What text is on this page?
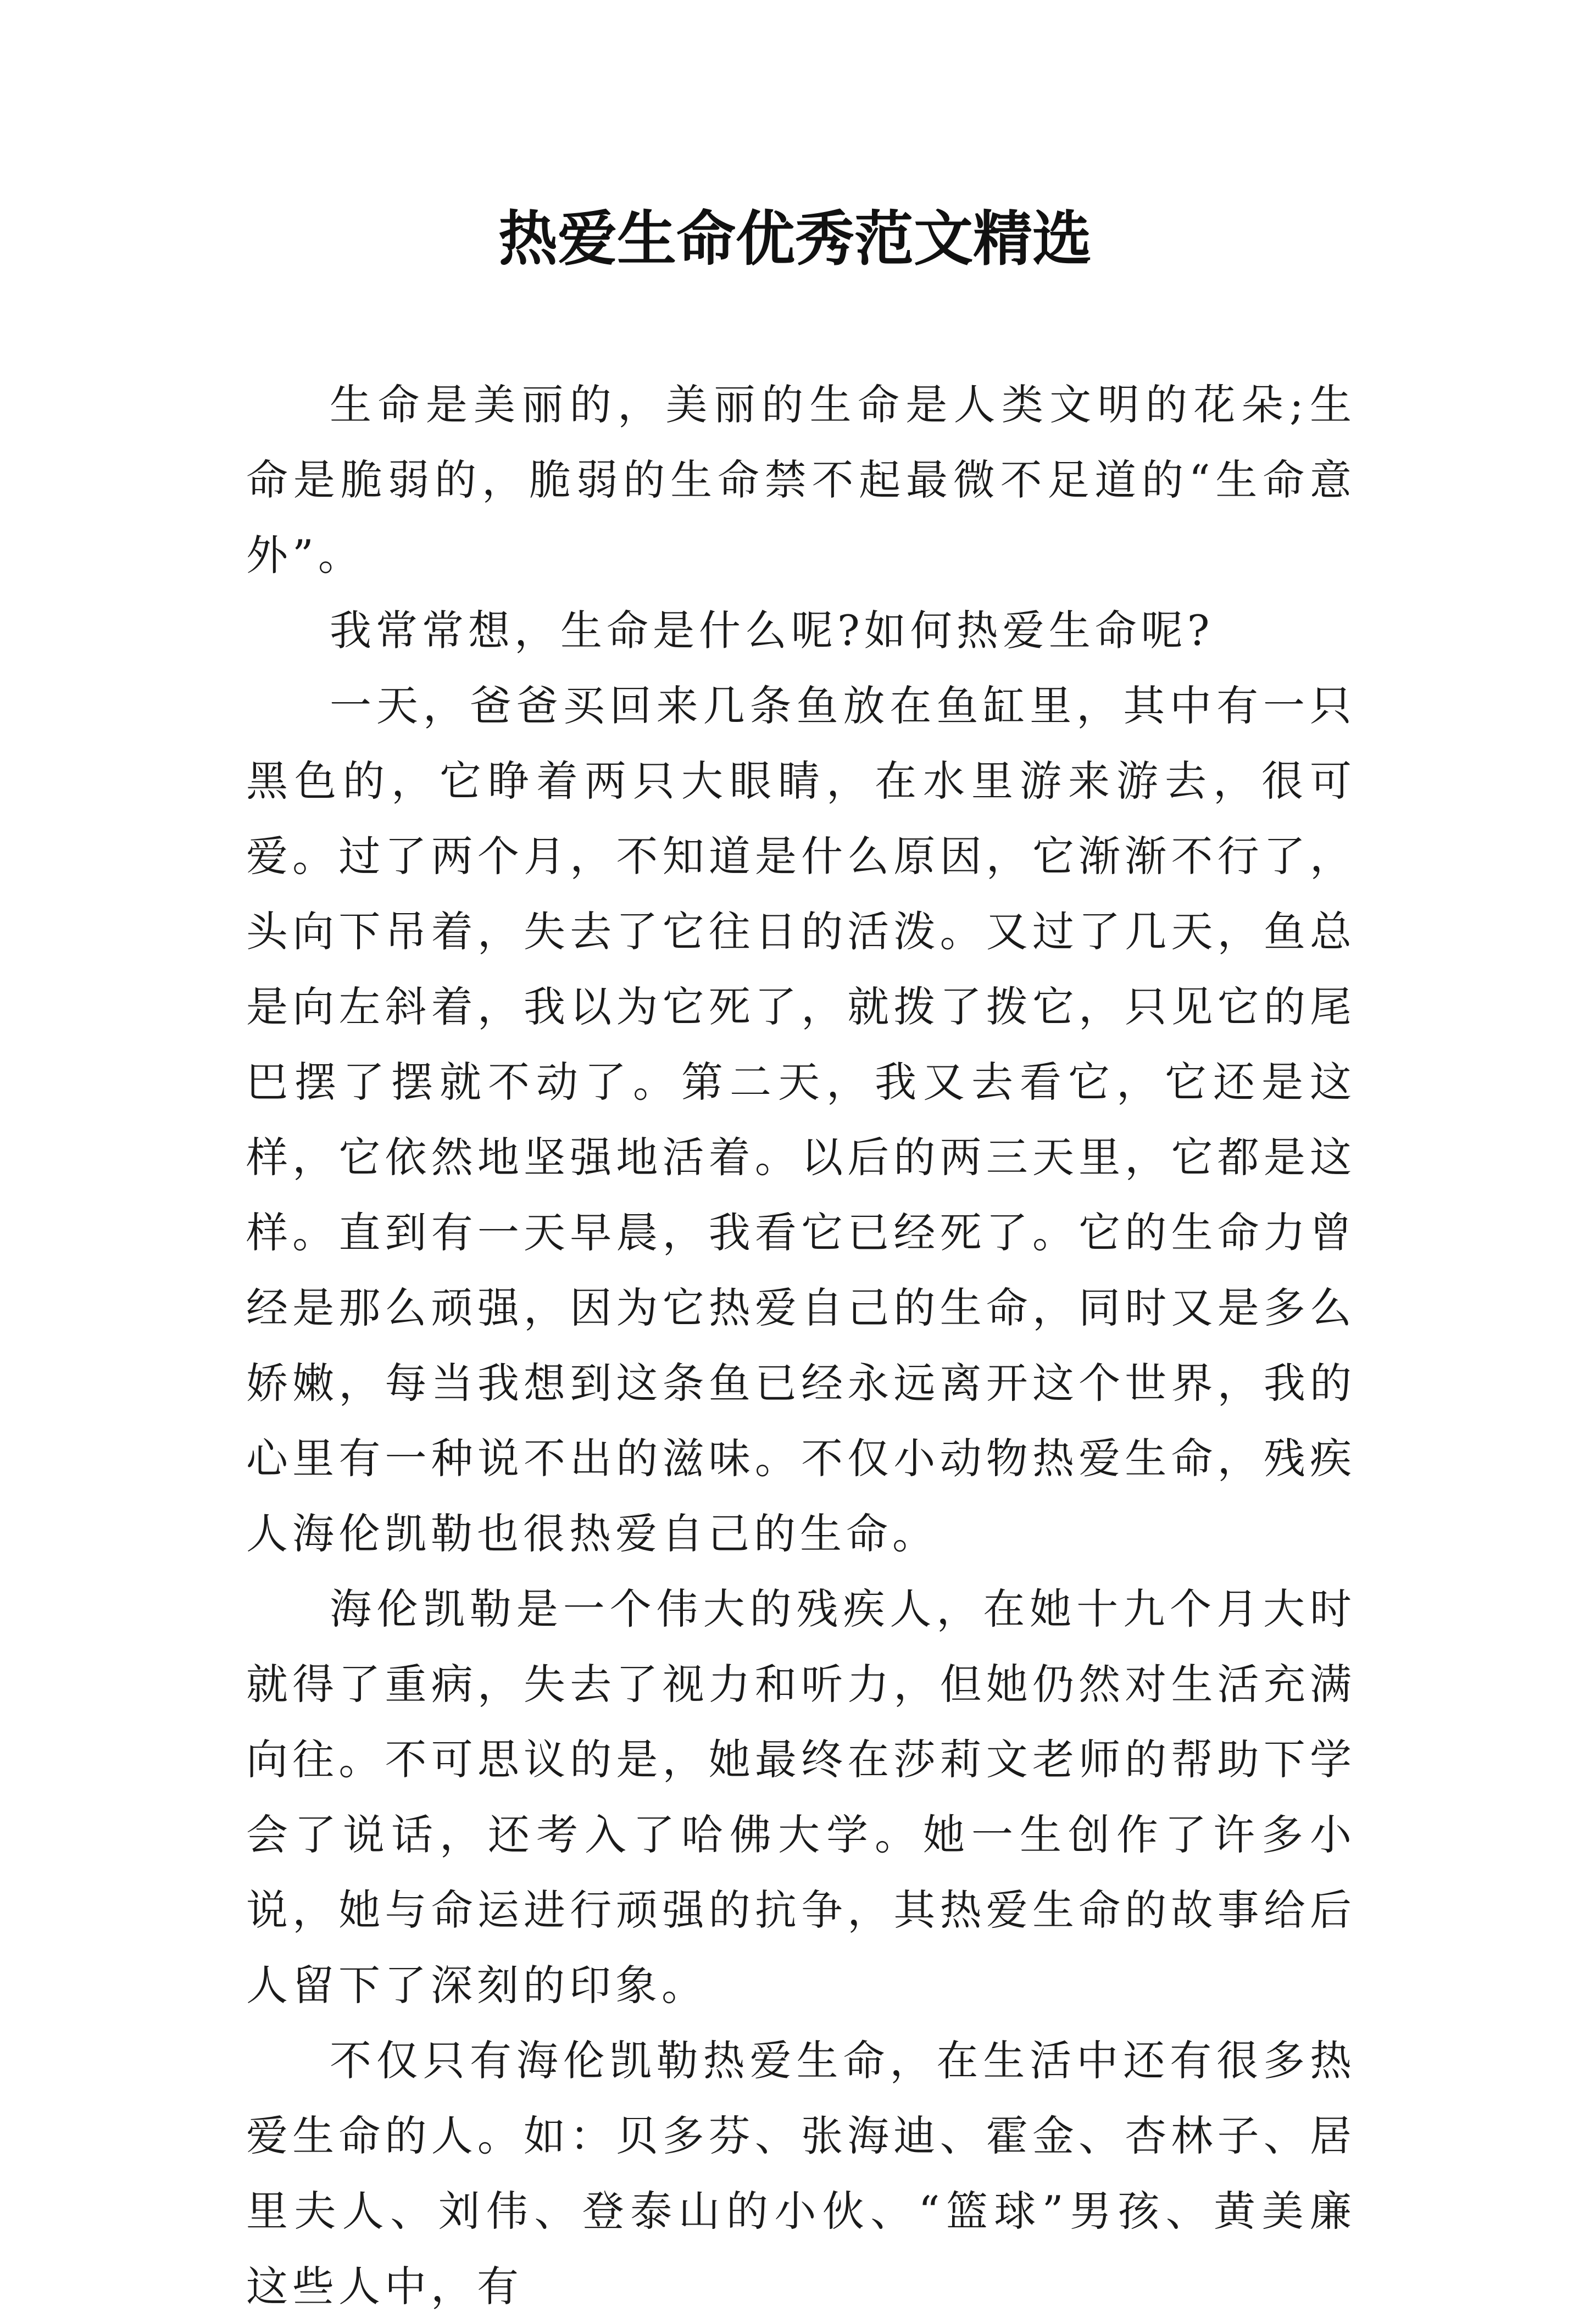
热爱生命优秀范文精选

生命是美丽的，美丽的生命是人类文明的花朵;生命是脆弱的，脆弱的生命禁不起最微不足道的“生命意外”。

我常常想，生命是什么呢?如何热爱生命呢?

一天，爸爸买回来几条鱼放在鱼缸里，其中有一只黑色的，它睁着两只大眼睛，在水里游来游去，很可爱。过了两个月，不知道是什么原因，它渐渐不行了，头向下吊着，失去了它往日的活泼。又过了几天，鱼总是向左斜着，我以为它死了，就拨了拨它，只见它的尾巴摆了摆就不动了。第二天，我又去看它，它还是这样，它依然地坚强地活着。以后的两三天里，它都是这样。直到有一天早晨，我看它已经死了。它的生命力曾经是那么顽强，因为它热爱自己的生命，同时又是多么娇嫩，每当我想到这条鱼已经永远离开这个世界，我的心里有一种说不出的滋味。不仅小动物热爱生命，残疾人海伦凯勒也很热爱自己的生命。

海伦凯勒是一个伟大的残疾人，在她十九个月大时就得了重病，失去了视力和听力，但她仍然对生活充满向往。不可思议的是，她最终在莎莉文老师的帮助下学会了说话，还考入了哈佛大学。她一生创作了许多小说，她与命运进行顽强的抗争，其热爱生命的故事给后人留下了深刻的印象。

不仅只有海伦凯勒热爱生命，在生活中还有很多热爱生命的人。如：贝多芬、张海迪、霍金、杏林子、居里夫人、刘伟、登泰山的小伙、“篮球”男孩、黄美廉这些人中，有
